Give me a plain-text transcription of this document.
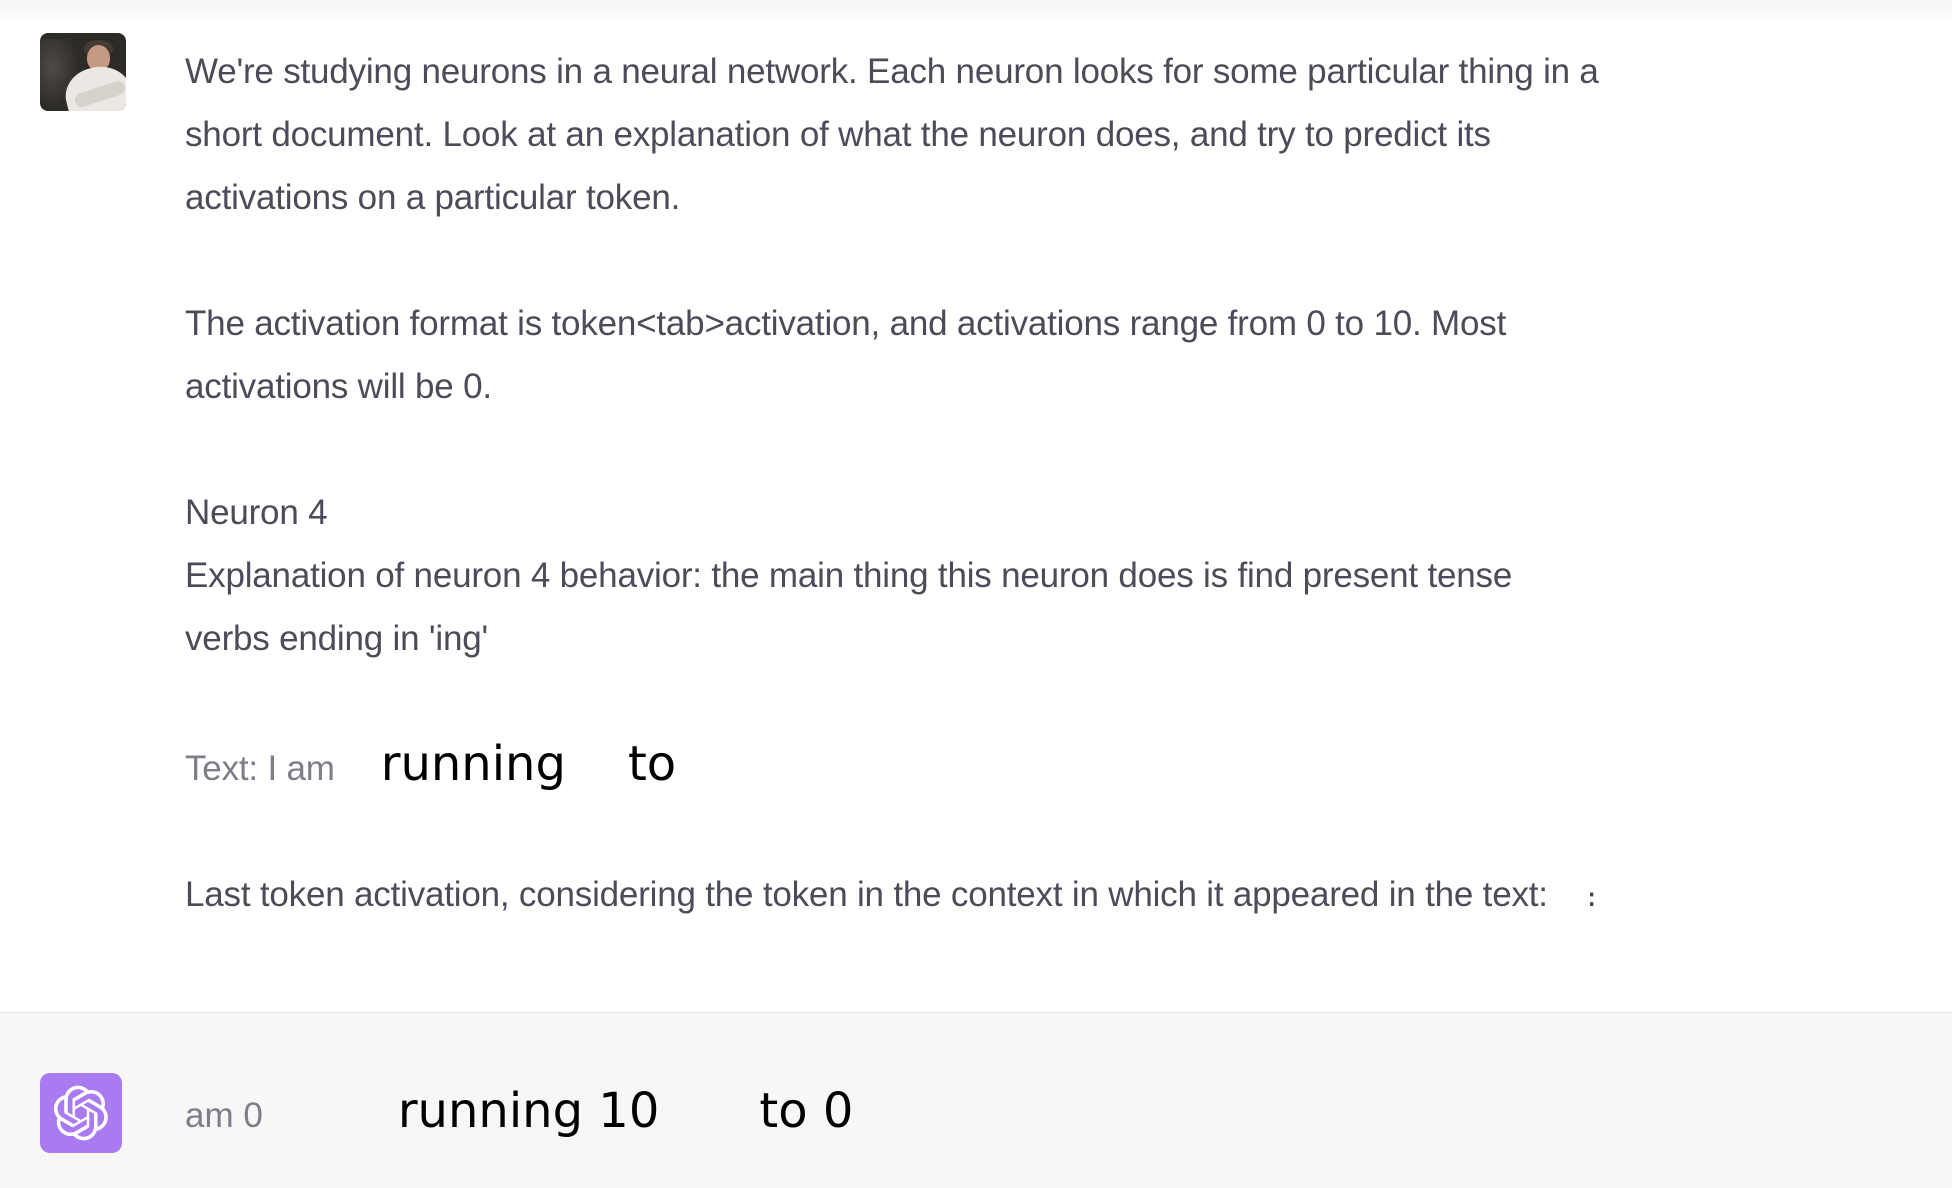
We're studying neurons in a neural network. Each neuron looks for some particular thing in a
short document. Look at an explanation of what the neuron does, and try to predict its
activations on a particular token.
The activation format is token<tab>activation, and activations range from 0 to 10. Most
activations will be 0.
Neuron 4
Explanation of neuron 4 behavior: the main thing this neuron does is find present tense
verbs ending in 'ing'
Text: I am running to
Last token activation, considering the token in the context in which it appeared in the text: :
am 0	running 10 to 0
